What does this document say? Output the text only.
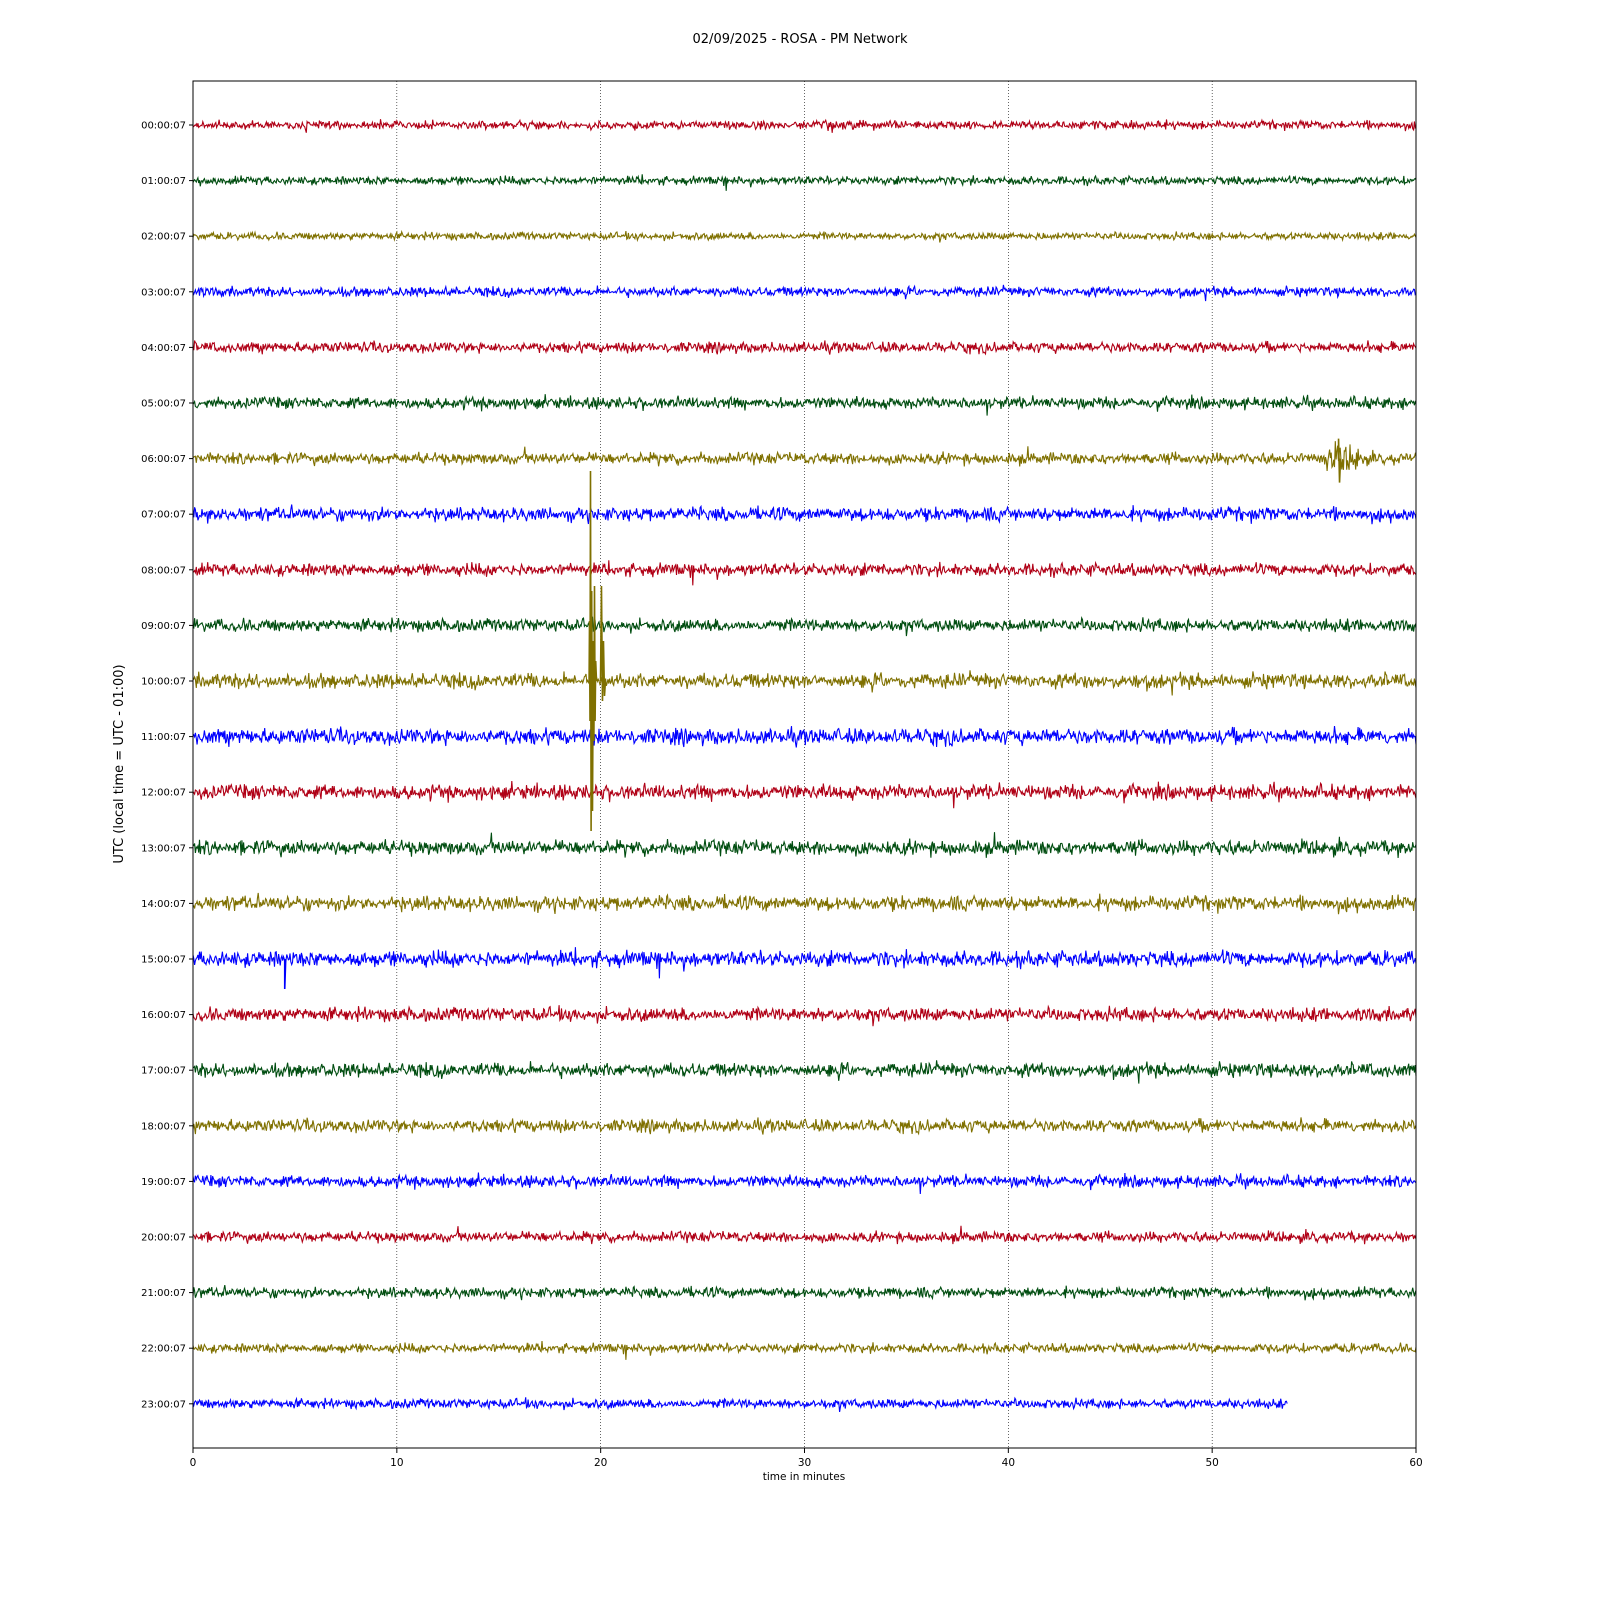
02/09/2025 - ROSA - PM Network
00:00:07
01:00:07
02:00:07
03:00:07
04:00:07
05:00:07
06:00:07
07:00:07
08:00:07
09:00:07
10:00:07
11:00:07
12:00:07
13:00:07
14:00:07
15:00:07
16:00:07
17:00:07
18:00:07
19:00:07
20:00:07
21:00:07
22:00:07
23:00:07
0	10	20	30	40	50	60
time in minutes
UTC (local time = UTC - 01:00)
